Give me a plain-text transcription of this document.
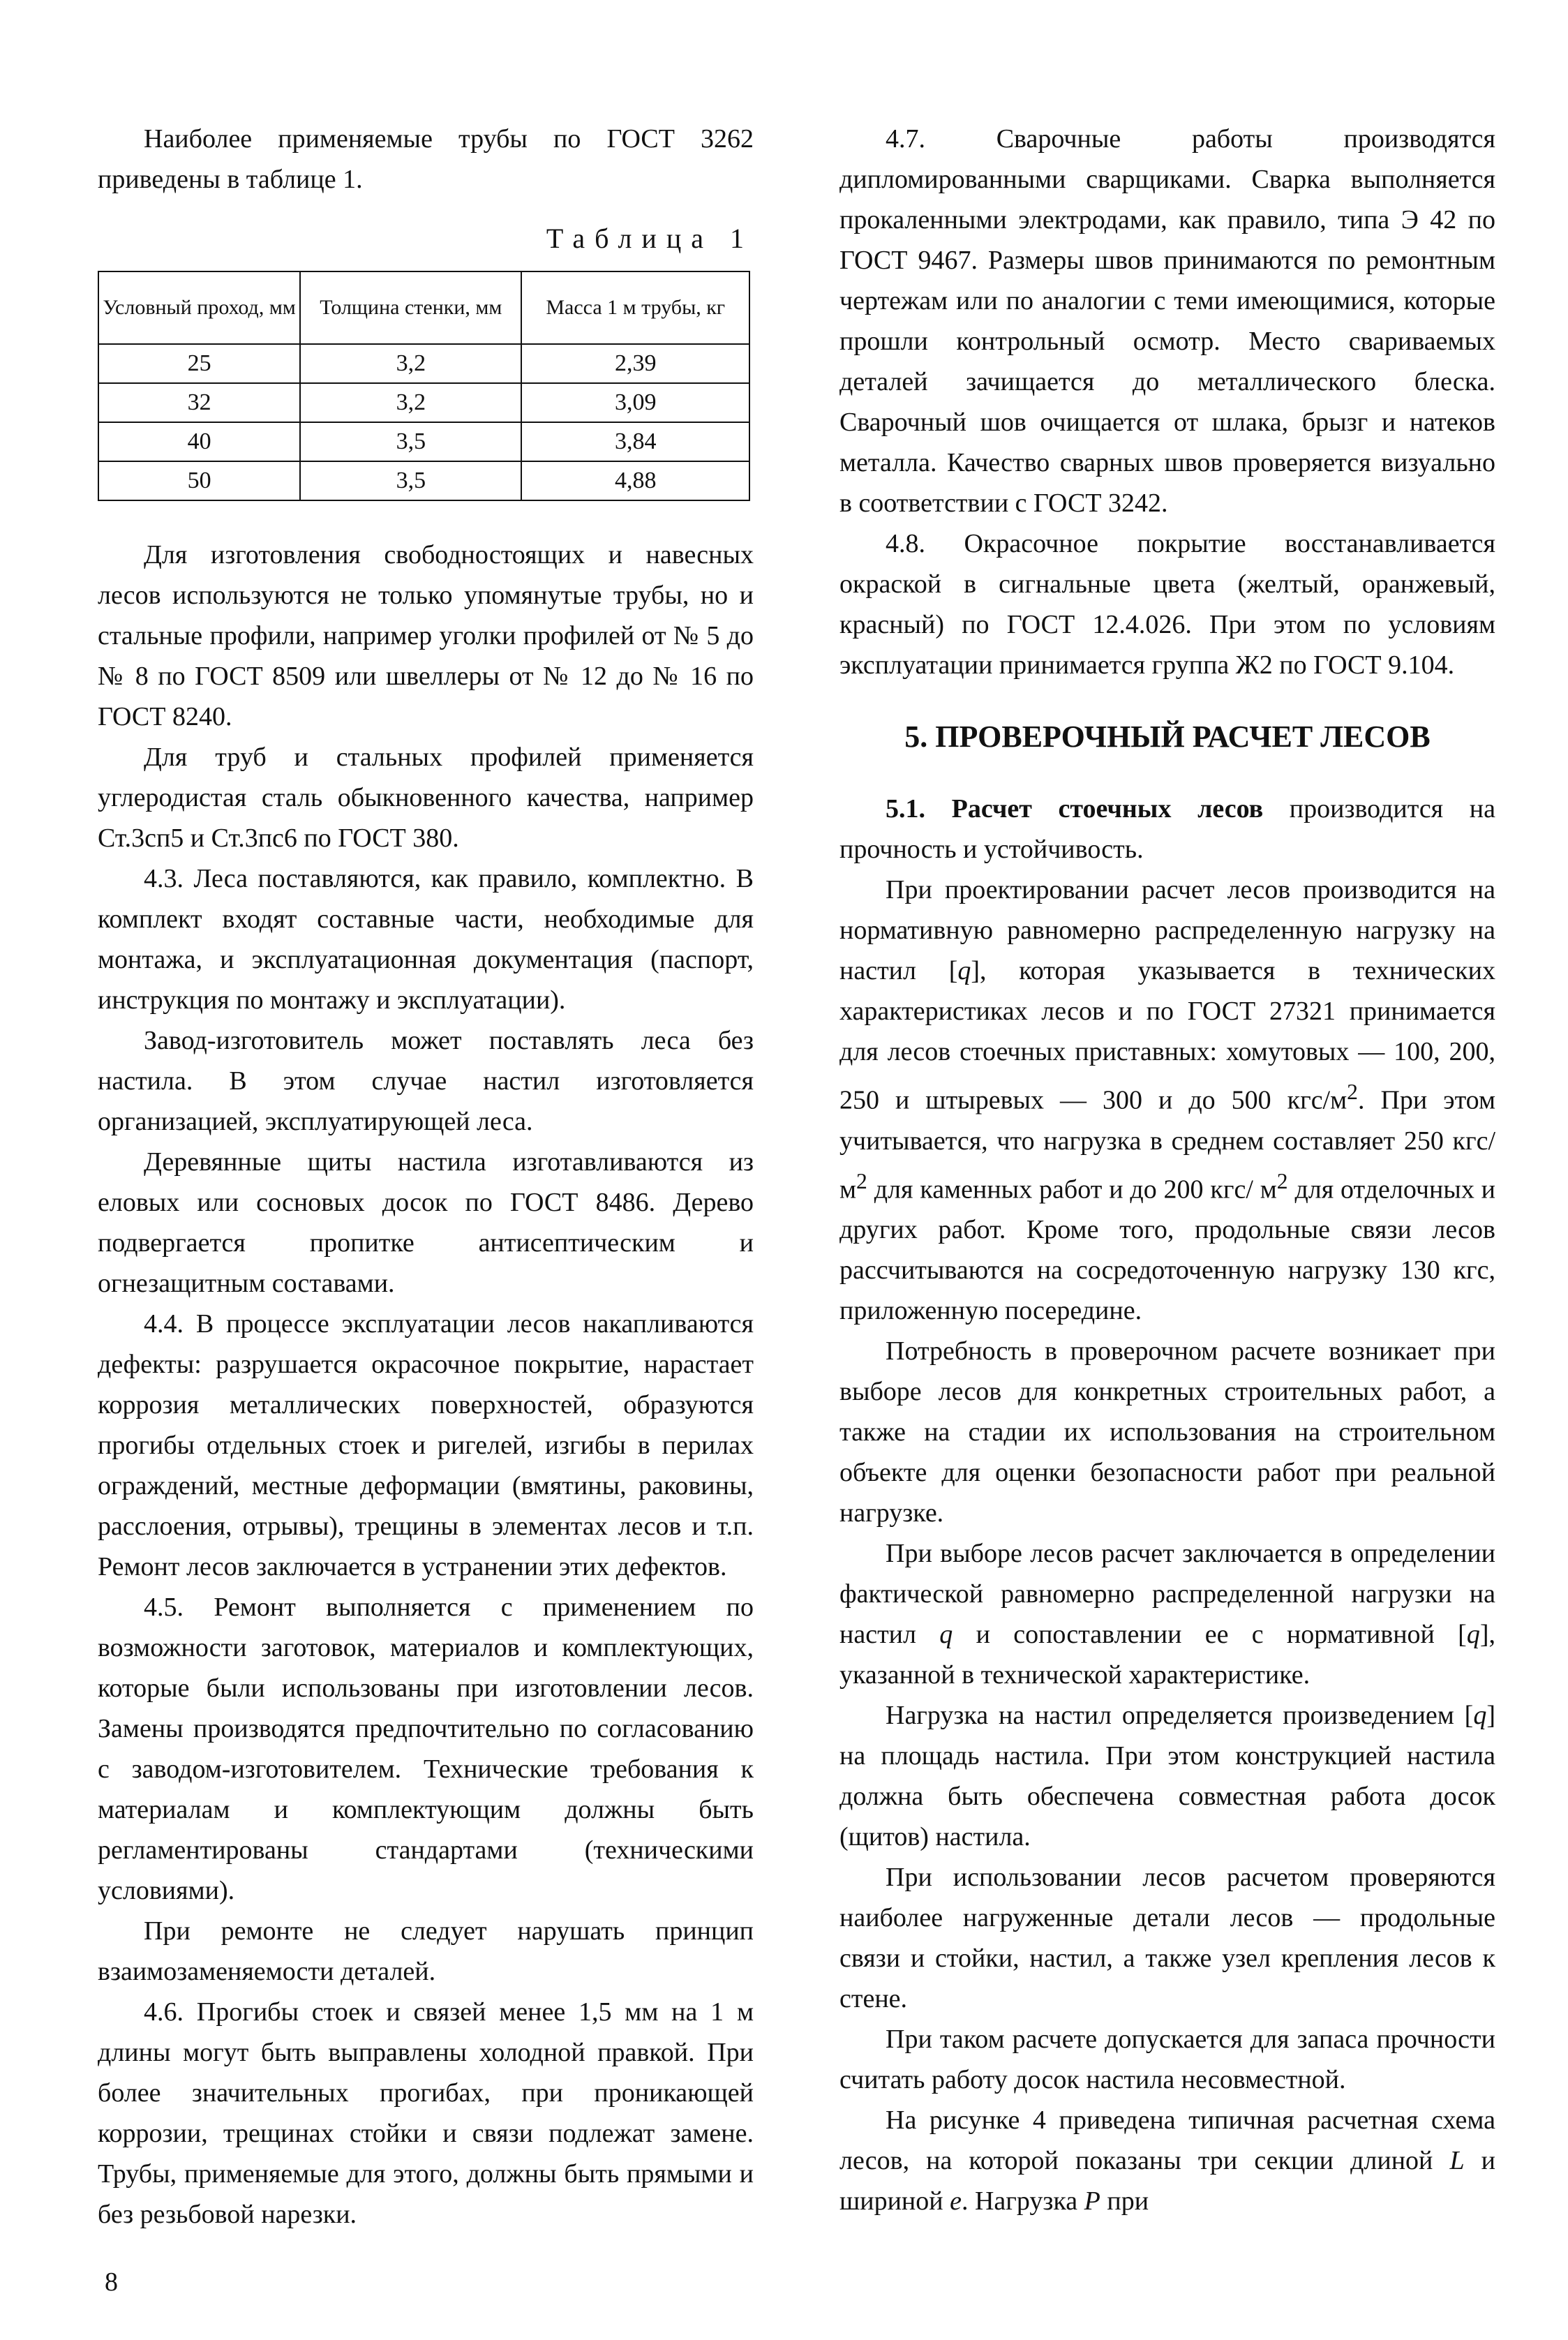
Наиболее применяемые трубы по ГОСТ 3262 приведены в таблице 1.

Таблица 1
Условный проход, мм	Толщина стенки, мм	Масса 1 м трубы, кг
25	3,2	2,39
32	3,2	3,09
40	3,5	3,84
50	3,5	4,88

Для изготовления свободностоящих и навесных лесов используются не только упомянутые трубы, но и стальные профили, например уголки профилей от № 5 до № 8 по ГОСТ 8509 или швеллеры от № 12 до № 16 по ГОСТ 8240.

Для труб и стальных профилей применяется углеродистая сталь обыкновенного качества, например Ст.3сп5 и Ст.3пс6 по ГОСТ 380.

4.3. Леса поставляются, как правило, комплектно. В комплект входят составные части, необходимые для монтажа, и эксплуатационная документация (паспорт, инструкция по монтажу и эксплуатации).

Завод-изготовитель может поставлять леса без настила. В этом случае настил изготовляется организацией, эксплуатирующей леса.

Деревянные щиты настила изготавливаются из еловых или сосновых досок по ГОСТ 8486. Дерево подвергается пропитке антисептическим и огнезащитным составами.

4.4. В процессе эксплуатации лесов накапливаются дефекты: разрушается окрасочное покрытие, нарастает коррозия металлических поверхностей, образуются прогибы отдельных стоек и ригелей, изгибы в перилах ограждений, местные деформации (вмятины, раковины, расслоения, отрывы), трещины в элементах лесов и т.п. Ремонт лесов заключается в устранении этих дефектов.

4.5. Ремонт выполняется с применением по возможности заготовок, материалов и комплектующих, которые были использованы при изготовлении лесов. Замены производятся предпочтительно по согласованию с заводом-изготовителем. Технические требования к материалам и комплектующим должны быть регламентированы стандартами (техническими условиями).

При ремонте не следует нарушать принцип взаимозаменяемости деталей.

4.6. Прогибы стоек и связей менее 1,5 мм на 1 м длины могут быть выправлены холодной правкой. При более значительных прогибах, при проникающей коррозии, трещинах стойки и связи подлежат замене. Трубы, применяемые для этого, должны быть прямыми и без резьбовой нарезки.

4.7. Сварочные работы производятся дипломированными сварщиками. Сварка выполняется прокаленными электродами, как правило, типа Э 42 по ГОСТ 9467. Размеры швов принимаются по ремонтным чертежам или по аналогии с теми имеющимися, которые прошли контрольный осмотр. Место свариваемых деталей зачищается до металлического блеска. Сварочный шов очищается от шлака, брызг и натеков металла. Качество сварных швов проверяется визуально в соответствии с ГОСТ 3242.

4.8. Окрасочное покрытие восстанавливается окраской в сигнальные цвета (желтый, оранжевый, красный) по ГОСТ 12.4.026. При этом по условиям эксплуатации принимается группа Ж2 по ГОСТ 9.104.

5. ПРОВЕРОЧНЫЙ РАСЧЕТ ЛЕСОВ

5.1. Расчет стоечных лесов производится на прочность и устойчивость.

При проектировании расчет лесов производится на нормативную равномерно распределенную нагрузку на настил [q], которая указывается в технических характеристиках лесов и по ГОСТ 27321 принимается для лесов стоечных приставных: хомутовых — 100, 200, 250 и штыревых — 300 и до 500 кгс/$м^2$. При этом учитывается, что нагрузка в среднем составляет 250 кгс/$м^2$ для каменных работ и до 200 кгс/ $м^2$ для отделочных и других работ. Кроме того, продольные связи лесов рассчитываются на сосредоточенную нагрузку 130 кгс, приложенную посередине.

Потребность в проверочном расчете возникает при выборе лесов для конкретных строительных работ, а также на стадии их использования на строительном объекте для оценки безопасности работ при реальной нагрузке.

При выборе лесов расчет заключается в определении фактической равномерно распределенной нагрузки на настил q и сопоставлении ее с нормативной [q], указанной в технической характеристике.

Нагрузка на настил определяется произведением [q] на площадь настила. При этом конструкцией настила должна быть обеспечена совместная работа досок (щитов) настила.

При использовании лесов расчетом проверяются наиболее нагруженные детали лесов — продольные связи и стойки, настил, а также узел крепления лесов к стене.

При таком расчете допускается для запаса прочности считать работу досок настила несовместной.

На рисунке 4 приведена типичная расчетная схема лесов, на которой показаны три секции длиной L и шириной e. Нагрузка P при

8
